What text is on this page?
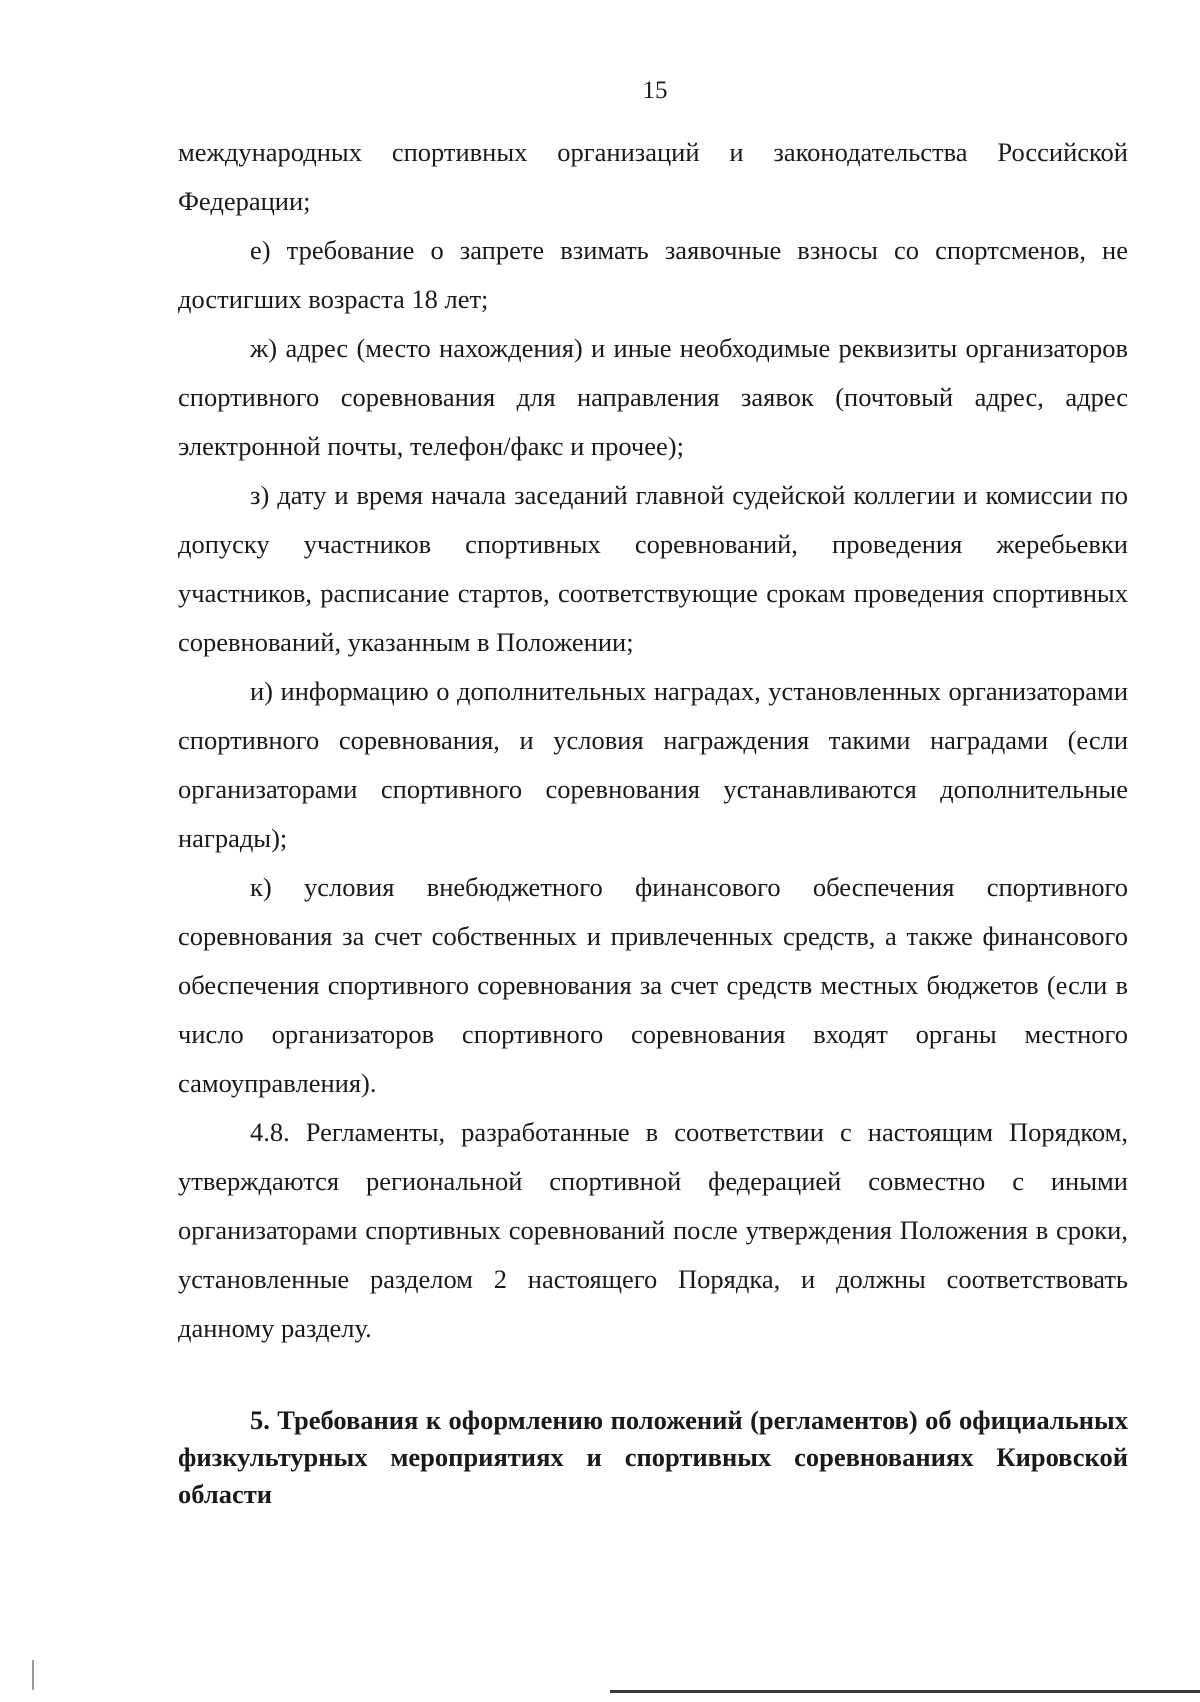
15

международных спортивных организаций и законодательства Российской Федерации;

е) требование о запрете взимать заявочные взносы со спортсменов, не достигших возраста 18 лет;

ж) адрес (место нахождения) и иные необходимые реквизиты организаторов спортивного соревнования для направления заявок (почтовый адрес, адрес электронной почты, телефон/факс и прочее);

з) дату и время начала заседаний главной судейской коллегии и комиссии по допуску участников спортивных соревнований, проведения жеребьевки участников, расписание стартов, соответствующие срокам проведения спортивных соревнований, указанным в Положении;

и) информацию о дополнительных наградах, установленных организаторами спортивного соревнования, и условия награждения такими наградами (если организаторами спортивного соревнования устанавливаются дополнительные награды);

к) условия внебюджетного финансового обеспечения спортивного соревнования за счет собственных и привлеченных средств, а также финансового обеспечения спортивного соревнования за счет средств местных бюджетов (если в число организаторов спортивного соревнования входят органы местного самоуправления).

4.8. Регламенты, разработанные в соответствии с настоящим Порядком, утверждаются региональной спортивной федерацией совместно с иными организаторами спортивных соревнований после утверждения Положения в сроки, установленные разделом 2 настоящего Порядка, и должны соответствовать данному разделу.

5. Требования к оформлению положений (регламентов) об официальных физкультурных мероприятиях и спортивных соревнованиях Кировской области
